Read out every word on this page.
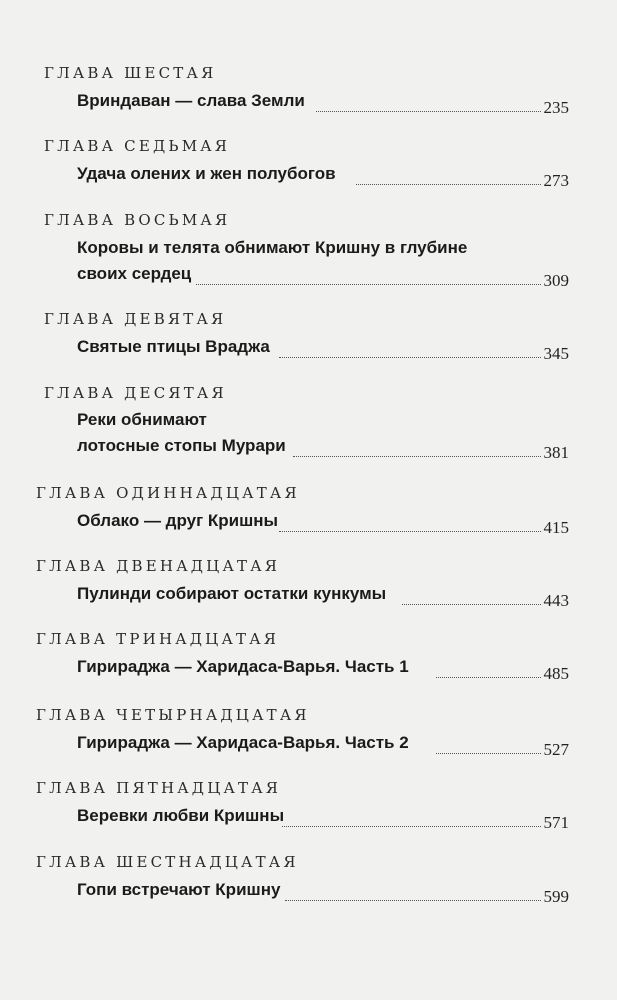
ГЛАВА ШЕСТАЯ
Вриндаван — слава Земли	235
ГЛАВА СЕДЬМАЯ
Удача олених и жен полубогов	273
ГЛАВА ВОСЬМАЯ
Коровы и телята обнимают Кришну в глубине
своих сердец	309
ГЛАВА ДЕВЯТАЯ
Святые птицы Враджа	345
ГЛАВА ДЕСЯТАЯ
Реки обнимают
лотосные стопы Мурари	381
ГЛАВА ОДИННАДЦАТАЯ
Облако — друг Кришны	415
ГЛАВА ДВЕНАДЦАТАЯ
Пулинди собирают остатки кункумы	443
ГЛАВА ТРИНАДЦАТАЯ
Гирираджа — Харидаса-Варья. Часть 1	485
ГЛАВА ЧЕТЫРНАДЦАТАЯ
Гирираджа — Харидаса-Варья. Часть 2	527
ГЛАВА ПЯТНАДЦАТАЯ
Веревки любви Кришны	571
ГЛАВА ШЕСТНАДЦАТАЯ
Гопи встречают Кришну	599
